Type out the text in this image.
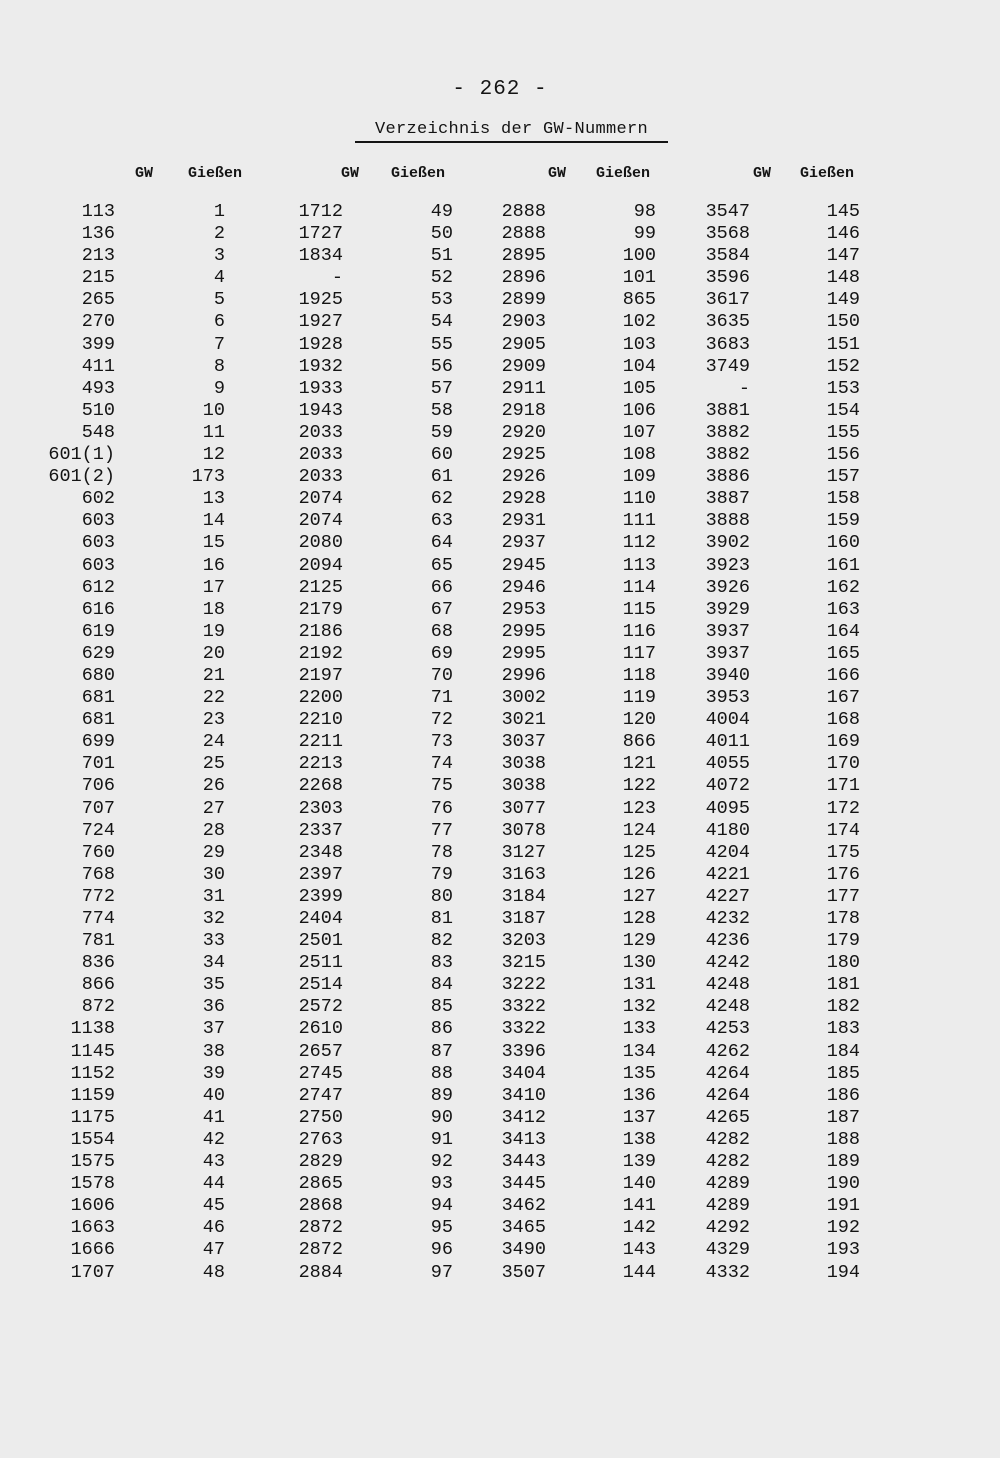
- 262 -
Verzeichnis der GW-Nummern
GW Gießen
113	1
136	2
213	3
215	4
265	5
270	6
399	7
411	8
493	9
510	10
548	11
601(1)	12
601(2)	173
602	13
603	14
603	15
603	16
612	17
616	18
619	19
629	20
680	21
681	22
681	23
699	24
701	25
706	26
707	27
724	28
760	29
768	30
772	31
774	32
781	33
836	34
866	35
872	36
1138	37
1145	38
1152	39
1159	40
1175	41
1554	42
1575	43
1578	44
1606	45
1663	46
1666	47
1707	48
GW Gießen
1712	49
1727	50
1834	51
-	52
1925	53
1927	54
1928	55
1932	56
1933	57
1943	58
2033	59
2033	60
2033	61
2074	62
2074	63
2080	64
2094	65
2125	66
2179	67
2186	68
2192	69
2197	70
2200	71
2210	72
2211	73
2213	74
2268	75
2303	76
2337	77
2348	78
2397	79
2399	80
2404	81
2501	82
2511	83
2514	84
2572	85
2610	86
2657	87
2745	88
2747	89
2750	90
2763	91
2829	92
2865	93
2868	94
2872	95
2872	96
2884	97
GW Gießen
2888	98
2888	99
2895	100
2896	101
2899	865
2903	102
2905	103
2909	104
2911	105
2918	106
2920	107
2925	108
2926	109
2928	110
2931	111
2937	112
2945	113
2946	114
2953	115
2995	116
2995	117
2996	118
3002	119
3021	120
3037	866
3038	121
3038	122
3077	123
3078	124
3127	125
3163	126
3184	127
3187	128
3203	129
3215	130
3222	131
3322	132
3322	133
3396	134
3404	135
3410	136
3412	137
3413	138
3443	139
3445	140
3462	141
3465	142
3490	143
3507	144
GW Gießen
3547	145
3568	146
3584	147
3596	148
3617	149
3635	150
3683	151
3749	152
-	153
3881	154
3882	155
3882	156
3886	157
3887	158
3888	159
3902	160
3923	161
3926	162
3929	163
3937	164
3937	165
3940	166
3953	167
4004	168
4011	169
4055	170
4072	171
4095	172
4180	174
4204	175
4221	176
4227	177
4232	178
4236	179
4242	180
4248	181
4248	182
4253	183
4262	184
4264	185
4264	186
4265	187
4282	188
4282	189
4289	190
4289	191
4292	192
4329	193
4332	194
